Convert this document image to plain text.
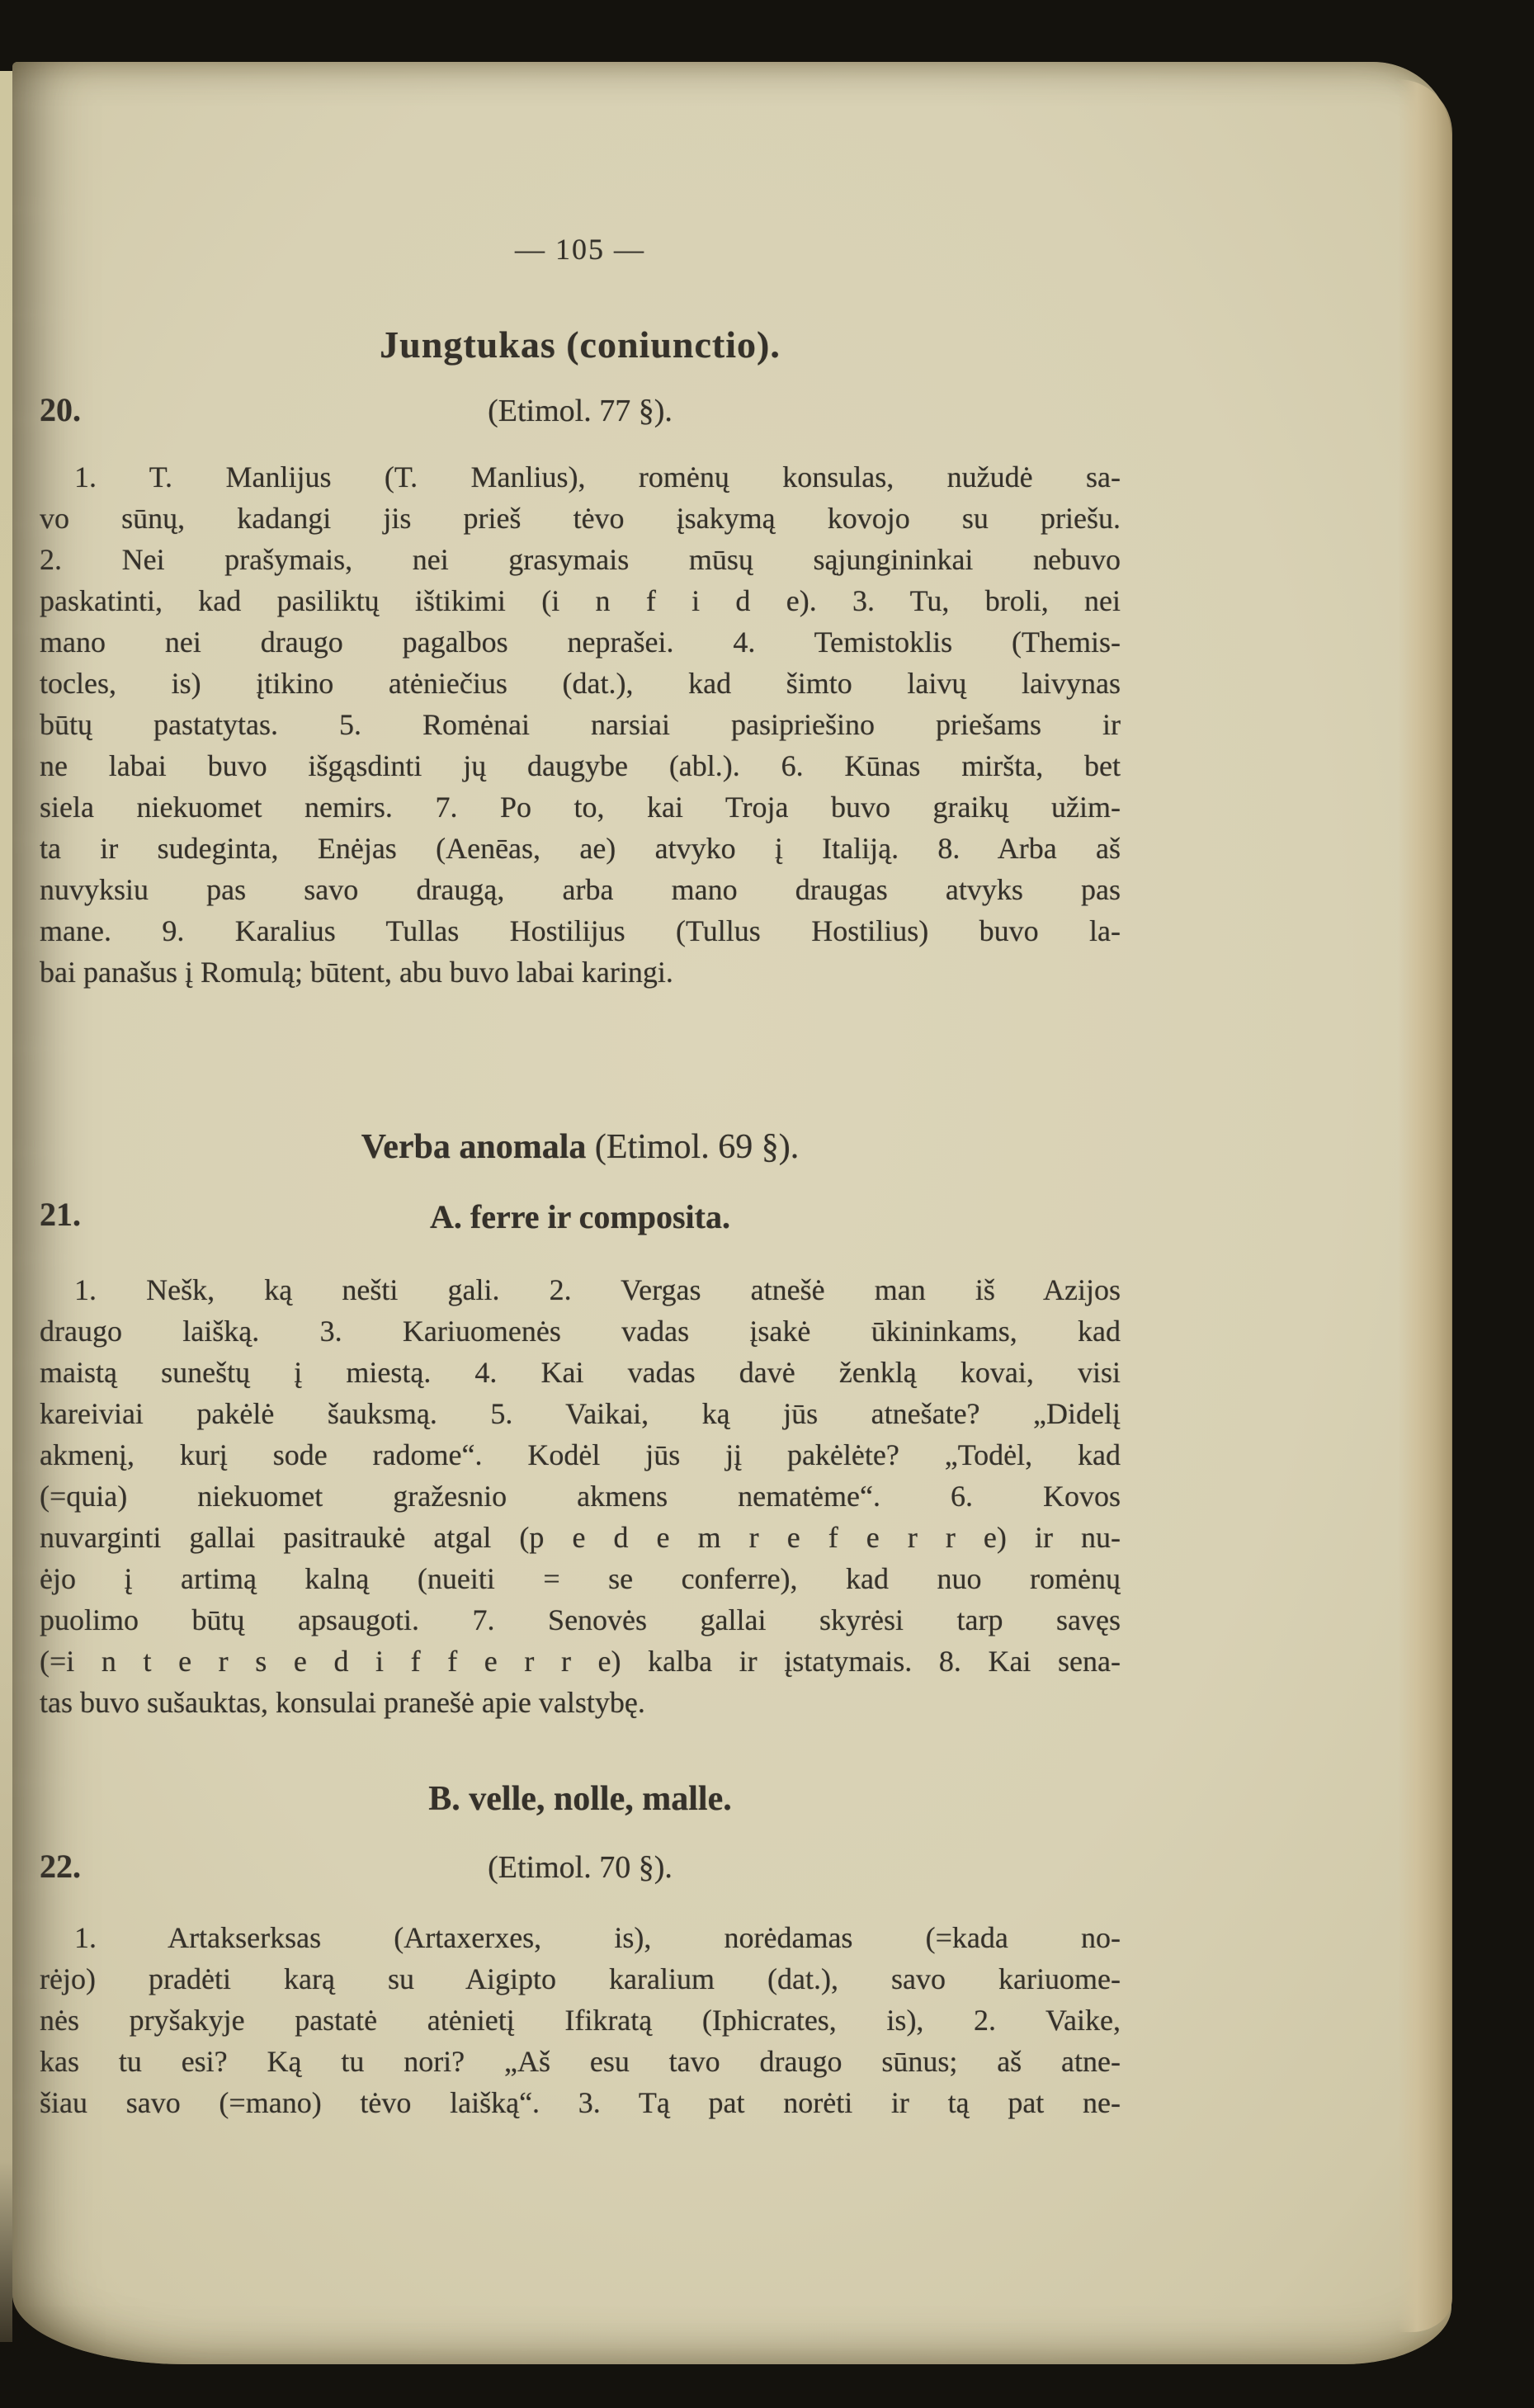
— 105 —
Jungtukas (coniunctio).
20.	(Etimol. 77 §).
1. T. Manlijus (T. Manlius), romėnų konsulas, nužudė sa-
vo sūnų, kadangi jis prieš tėvo įsakymą kovojo su priešu.
2. Nei prašymais, nei grasymais mūsų sąjungininkai nebuvo
paskatinti, kad pasiliktų ištikimi (i n f i d e). 3. Tu, broli, nei
mano nei draugo pagalbos neprašei. 4. Temistoklis (Themis-
tocles, is) įtikino atėniečius (dat.), kad šimto laivų laivynas
būtų pastatytas. 5. Romėnai narsiai pasipriešino priešams ir
ne labai buvo išgąsdinti jų daugybe (abl.). 6. Kūnas miršta, bet
siela niekuomet nemirs. 7. Po to, kai Troja buvo graikų užim-
ta ir sudeginta, Enėjas (Aenēas, ae) atvyko į Italiją. 8. Arba aš
nuvyksiu pas savo draugą, arba mano draugas atvyks pas
mane. 9. Karalius Tullas Hostilijus (Tullus Hostilius) buvo la-
bai panašus į Romulą; būtent, abu buvo labai karingi.
Verba anomala (Etimol. 69 §).
21.	A. ferre ir composita.
1. Nešk, ką nešti gali. 2. Vergas atnešė man iš Azijos
draugo laišką. 3. Kariuomenės vadas įsakė ūkininkams, kad
maistą suneštų į miestą. 4. Kai vadas davė ženklą kovai, visi
kareiviai pakėlė šauksmą. 5. Vaikai, ką jūs atnešate? „Didelį
akmenį, kurį sode radome“. Kodėl jūs jį pakėlėte? „Todėl, kad
(=quia) niekuomet gražesnio akmens nematėme“. 6. Kovos
nuvarginti gallai pasitraukė atgal (p e d e m r e f e r r e) ir nu-
ėjo į artimą kalną (nueiti = se conferre), kad nuo romėnų
puolimo būtų apsaugoti. 7. Senovės gallai skyrėsi tarp savęs
(=i n t e r s e d i f f e r r e) kalba ir įstatymais. 8. Kai sena-
tas buvo sušauktas, konsulai pranešė apie valstybę.
B. velle, nolle, malle.
22.	(Etimol. 70 §).
1. Artakserksas (Artaxerxes, is), norėdamas (=kada no-
rėjo) pradėti karą su Aigipto karalium (dat.), savo kariuome-
nės pryšakyje pastatė atėnietį Ifikratą (Iphicrates, is), 2. Vaike,
kas tu esi? Ką tu nori? „Aš esu tavo draugo sūnus; aš atne-
šiau savo (=mano) tėvo laišką“. 3. Tą pat norėti ir tą pat ne-
